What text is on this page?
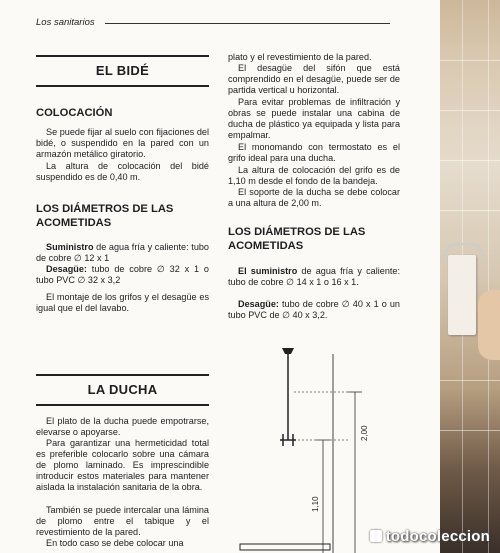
Los sanitarios
EL BIDÉ
COLOCACIÓN
Se puede fijar al suelo con fijaciones del bidé, o suspendido en la pared con un armazón metálico giratorio.
La altura de colocación del bidé suspendido es de 0,40 m.
LOS DIÁMETROS DE LAS ACOMETIDAS
Suministro de agua fría y caliente: tubo de cobre ∅ 12 x 1
Desagüe: tubo de cobre ∅ 32 x 1 o tubo PVC ∅ 32 x 3,2
El montaje de los grifos y el desagüe es igual que el del lavabo.
LA DUCHA
El plato de la ducha puede empotrarse, elevarse o apoyarse.
Para garantizar una hermeticidad total es preferible colocarlo sobre una cámara de plomo laminado. Es imprescindible introducir estos materiales para mantener aislada la instalación sanitaria de la obra.
También se puede intercalar una lámina de plomo entre el tabique y el revestimiento de la pared.
En todo caso se debe colocar una
plato y el revestimiento de la pared.
El desagüe del sifón que está comprendido en el desagüe, puede ser de partida vertical u horizontal.
Para evitar problemas de infiltración y obras se puede instalar una cabina de ducha de plástico ya equipada y lista para empalmar.
El monomando con termostato es el grifo ideal para una ducha.
La altura de colocación del grifo es de 1,10 m desde el fondo de la bandeja.
El soporte de la ducha se debe colocar a una altura de 2,00 m.
LOS DIÁMETROS DE LAS ACOMETIDAS
El suministro de agua fría y caliente: tubo de cobre ∅ 14 x 1 o 16 x 1.
Desagüe: tubo de cobre ∅ 40 x 1 o un tubo PVC de ∅ 40 x 3,2.
2,00
1,10
todocoleccion
